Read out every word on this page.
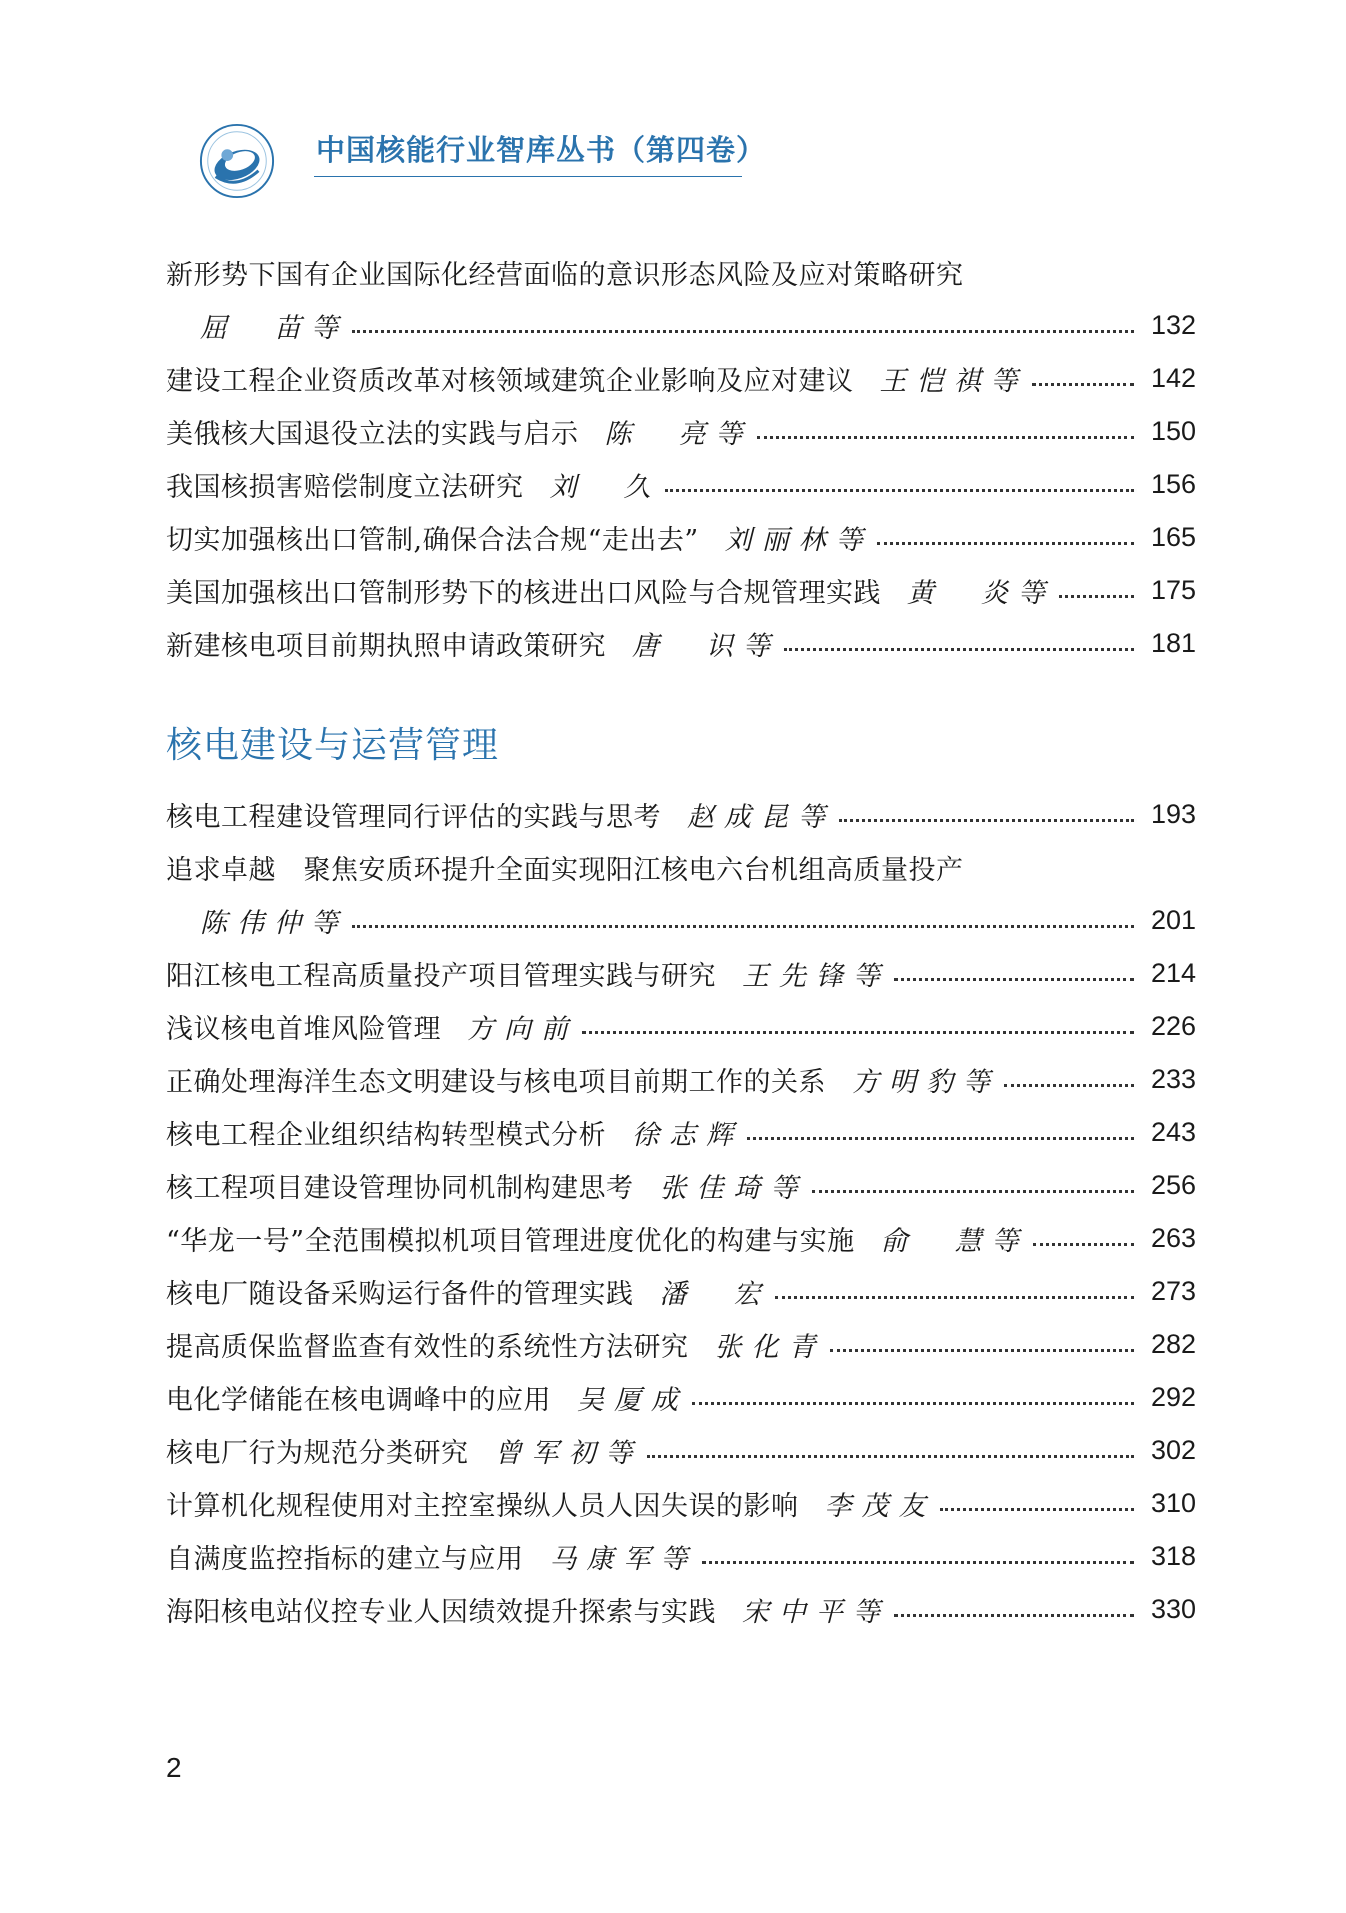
中国核能行业智库丛书（第四卷）
新形势下国有企业国际化经营面临的意识形态风险及应对策略研究
屈　苗等	132
建设工程企业资质改革对核领域建筑企业影响及应对建议 王恺祺等	142
美俄核大国退役立法的实践与启示 陈　亮等	150
我国核损害赔偿制度立法研究 刘　久	156
切实加强核出口管制,确保合法合规“走出去” 刘丽林等	165
美国加强核出口管制形势下的核进出口风险与合规管理实践 黄　炎等	175
新建核电项目前期执照申请政策研究 唐　识等	181
核电建设与运营管理
核电工程建设管理同行评估的实践与思考 赵成昆等	193
追求卓越　聚焦安质环提升全面实现阳江核电六台机组高质量投产
陈伟仲等	201
阳江核电工程高质量投产项目管理实践与研究 王先锋等	214
浅议核电首堆风险管理 方向前	226
正确处理海洋生态文明建设与核电项目前期工作的关系 方明豹等	233
核电工程企业组织结构转型模式分析 徐志辉	243
核工程项目建设管理协同机制构建思考 张佳琦等	256
“华龙一号”全范围模拟机项目管理进度优化的构建与实施 俞　慧等	263
核电厂随设备采购运行备件的管理实践 潘　宏	273
提高质保监督监查有效性的系统性方法研究 张化青	282
电化学储能在核电调峰中的应用 吴厦成	292
核电厂行为规范分类研究 曾军初等	302
计算机化规程使用对主控室操纵人员人因失误的影响 李茂友	310
自满度监控指标的建立与应用 马康军等	318
海阳核电站仪控专业人因绩效提升探索与实践 宋中平等	330
2
